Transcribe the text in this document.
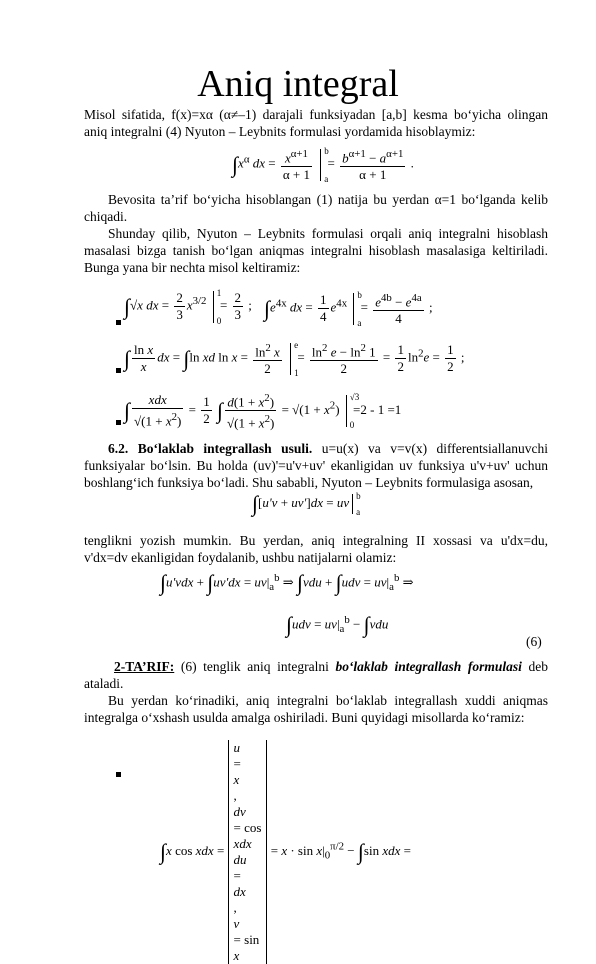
Aniq integral
Misol sifatida, f(x)=xα (α≠–1) darajali funksiyadan [a,b] kesma bo‘yicha olingan aniq integralni (4) Nyuton – Leybnits formulasi yordamida hisoblaymiz:
$\int x^\alpha$ dx = $\frac{x^{\alpha+1}}{\alpha + 1}$
b
a
= $\frac{b^{\alpha+1} - a^{\alpha+1}}{\alpha + 1}$ .
Bevosita ta’rif bo‘yicha hisoblangan (1) natija bu yerdan α=1 bo‘lganda kelib chiqadi.
Shunday qilib, Nyuton – Leybnits formulasi orqali aniq integralni hisoblash masalasi bizga tanish bo‘lgan aniqmas integralni hisoblash masalasiga keltiriladi. Bunga yana bir nechta misol keltiramiz:
∫√x dx = $\frac{2}{3} x^{3/2}$
1
0
= $\frac{2}{3}$ ; $\int e^{4x}$ dx = $\frac{1}{4} e^{4x}$
b
a
= $\frac{e^{4b} - e^{4a}}{4}$ ;
∫ $\frac{\text{ln x}}{x}$ dx = ∫ln xd $\ln x = \frac{\ln^2 x}{2}$
e
1
= $\frac{\ln^2 e - \ln^2 1}{2} = \frac{1}{2} \ln^2e = \frac{1}{2}$ ;
∫ $\frac{\text{xdx}}{√(1 + x^2)} = \frac{1}{2}$ ∫ $\frac{d(1 + x^2)}{√(1 + x^2)} = √(1 + x^2)$
√3
0
=2 - 1 =1
6.2. Bo‘laklab integrallash usuli. u=u(x) va v=v(x) differentsiallanuvchi funksiyalar bo‘lsin. Bu holda (uv)'=u'v+uv' ekanligidan uv funksiya u'v+uv' uchun boshlang‘ich funksiya bo‘ladi. Shu sababli, Nyuton – Leybnits formulasiga asosan,
∫[u'v + uv']dx = uv b
a
tenglikni yozish mumkin. Bu yerdan, aniq integralning II xossasi va u'dx=du, v'dx=dv ekanligidan foydalanib, ushbu natijalarni olamiz:
$\int u'vdx + \int uv'dx = uv|_a^b$ ⇒ $\int vdu + \int udv = uv|_a^b$ ⇒
$\int udv = uv|_a^b - \int vdu$
(6)
2-TA’RIF: (6) tenglik aniq integralni bo‘laklab integrallash formulasi deb ataladi.
Bu yerdan ko‘rinadiki, aniq integralni bo‘laklab integrallash xuddi aniqmas integralga o‘xshash usulda amalga oshiriladi. Buni quyidagi misollarda ko‘ramiz:
∫x cos xdx =
u
=
x
,
dv
= cos
xdx
du
=
dx
,
v
= sin
x
= $x \cdot \sin x|_0^{\pi/2} - \int\sin$ xdx =
